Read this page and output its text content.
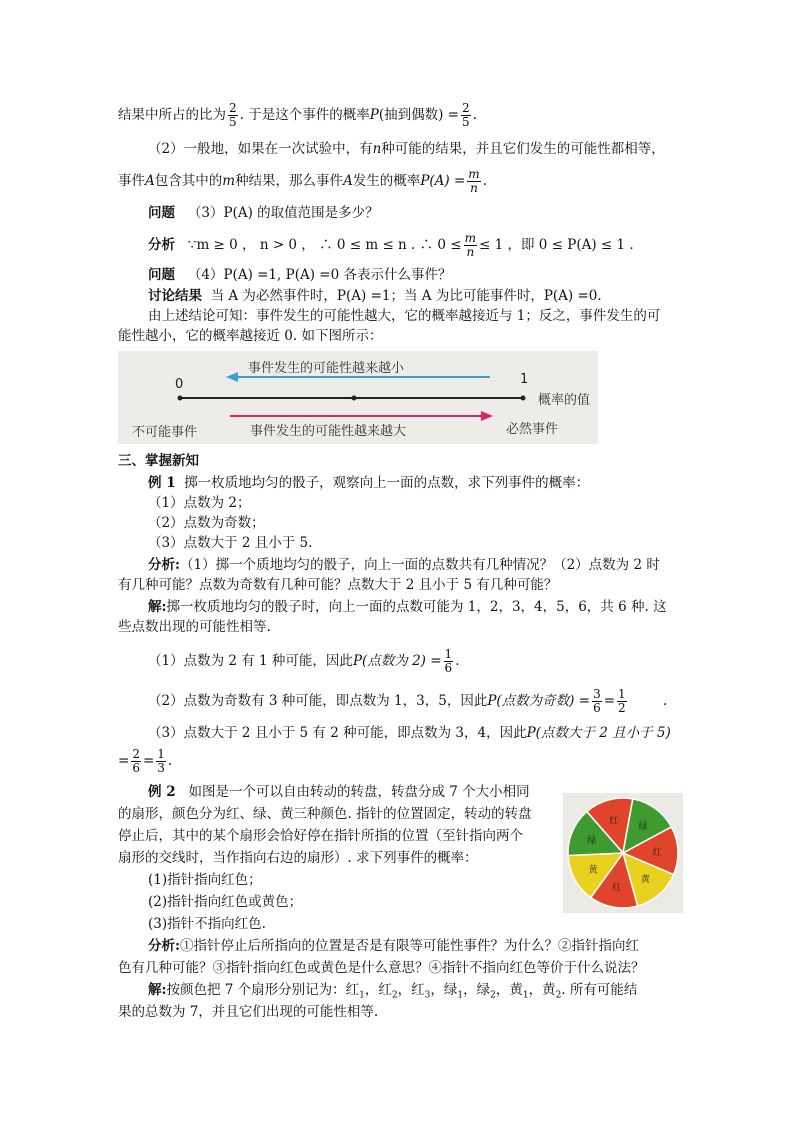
结果中所占的比为 $\frac{2}{5}$ . 于是这个事件的概率P(抽到偶数) = $\frac{2}{5}$ .
（2）一般地，如果在一次试验中，有n种可能的结果，并且它们发生的可能性都相等，
事件A包含其中的m种结果，那么事件A发生的概率$P(A) = \frac{m}{n}$ .
问题 （3）P(A) 的取值范围是多少？
分析 ∵m ≥ 0 ， n > 0 ， ∴ 0 ≤ m ≤ n . ∴ $0 \le \frac{m}{n} \le 1$ ，即 0 ≤ P(A) ≤ 1 .
问题 （4）P(A) =1, P(A) =0 各表示什么事件？
讨论结果 当 A 为必然事件时，P(A) =1；当 A 为比可能事件时，P(A) =0.
由上述结论可知：事件发生的可能性越大，它的概率越接近与 1；反之，事件发生的可
能性越小，它的概率越接近 0. 如下图所示：
事件发生的可能性越来越小
0	1
概率的值
不可能事件	事件发生的可能性越来越大	必然事件
三、掌握新知
例 1 掷一枚质地均匀的骰子，观察向上一面的点数，求下列事件的概率：
（1）点数为 2；
（2）点数为奇数；
（3）点数大于 2 且小于 5.
分析:（1）掷一个质地均匀的骰子，向上一面的点数共有几种情况？（2）点数为 2 时
有几种可能？点数为奇数有几种可能？点数大于 2 且小于 5 有几种可能？
解:掷一枚质地均匀的骰子时，向上一面的点数可能为 1，2，3，4，5，6，共 6 种. 这
些点数出现的可能性相等.
（1）点数为 2 有 1 种可能，因此P(点数为 $2) = \frac{1}{6}$ .
（2）点数为奇数有 3 种可能，即点数为 1，3，5，因此P(点数为奇数) = $\frac{3}{6} = \frac{1}{2}$	.
（3）点数大于 2 且小于 5 有 2 种可能，即点数为 3，4，因此P(点数大于 2 且小于 5)
= $\frac{2}{6} = \frac{1}{3}$ .
例 2 如图是一个可以自由转动的转盘，转盘分成 7 个大小相同
的扇形，颜色分为红、绿、黄三种颜色. 指针的位置固定，转动的转盘
停止后，其中的某个扇形会恰好停在指针所指的位置（至针指向两个
扇形的交线时，当作指向右边的扇形）. 求下列事件的概率：
(1)指针指向红色；
(2)指针指向红色或黄色；
(3)指针不指向红色.
分析:①指针停止后所指向的位置是否是有限等可能性事件？为什么？②指针指向红
色有几种可能？③指针指向红色或黄色是什么意思？④指针不指向红色等价于什么说法？
解:按颜色把 7 个扇形分别记为：红$_1$，红$_2$，红$_3$，绿$_1$，绿$_2$，黄$_1$，黄$_2$. 所有可能结
果的总数为 7，并且它们出现的可能性相等.
红
绿
红
黄
红
黄
绿
